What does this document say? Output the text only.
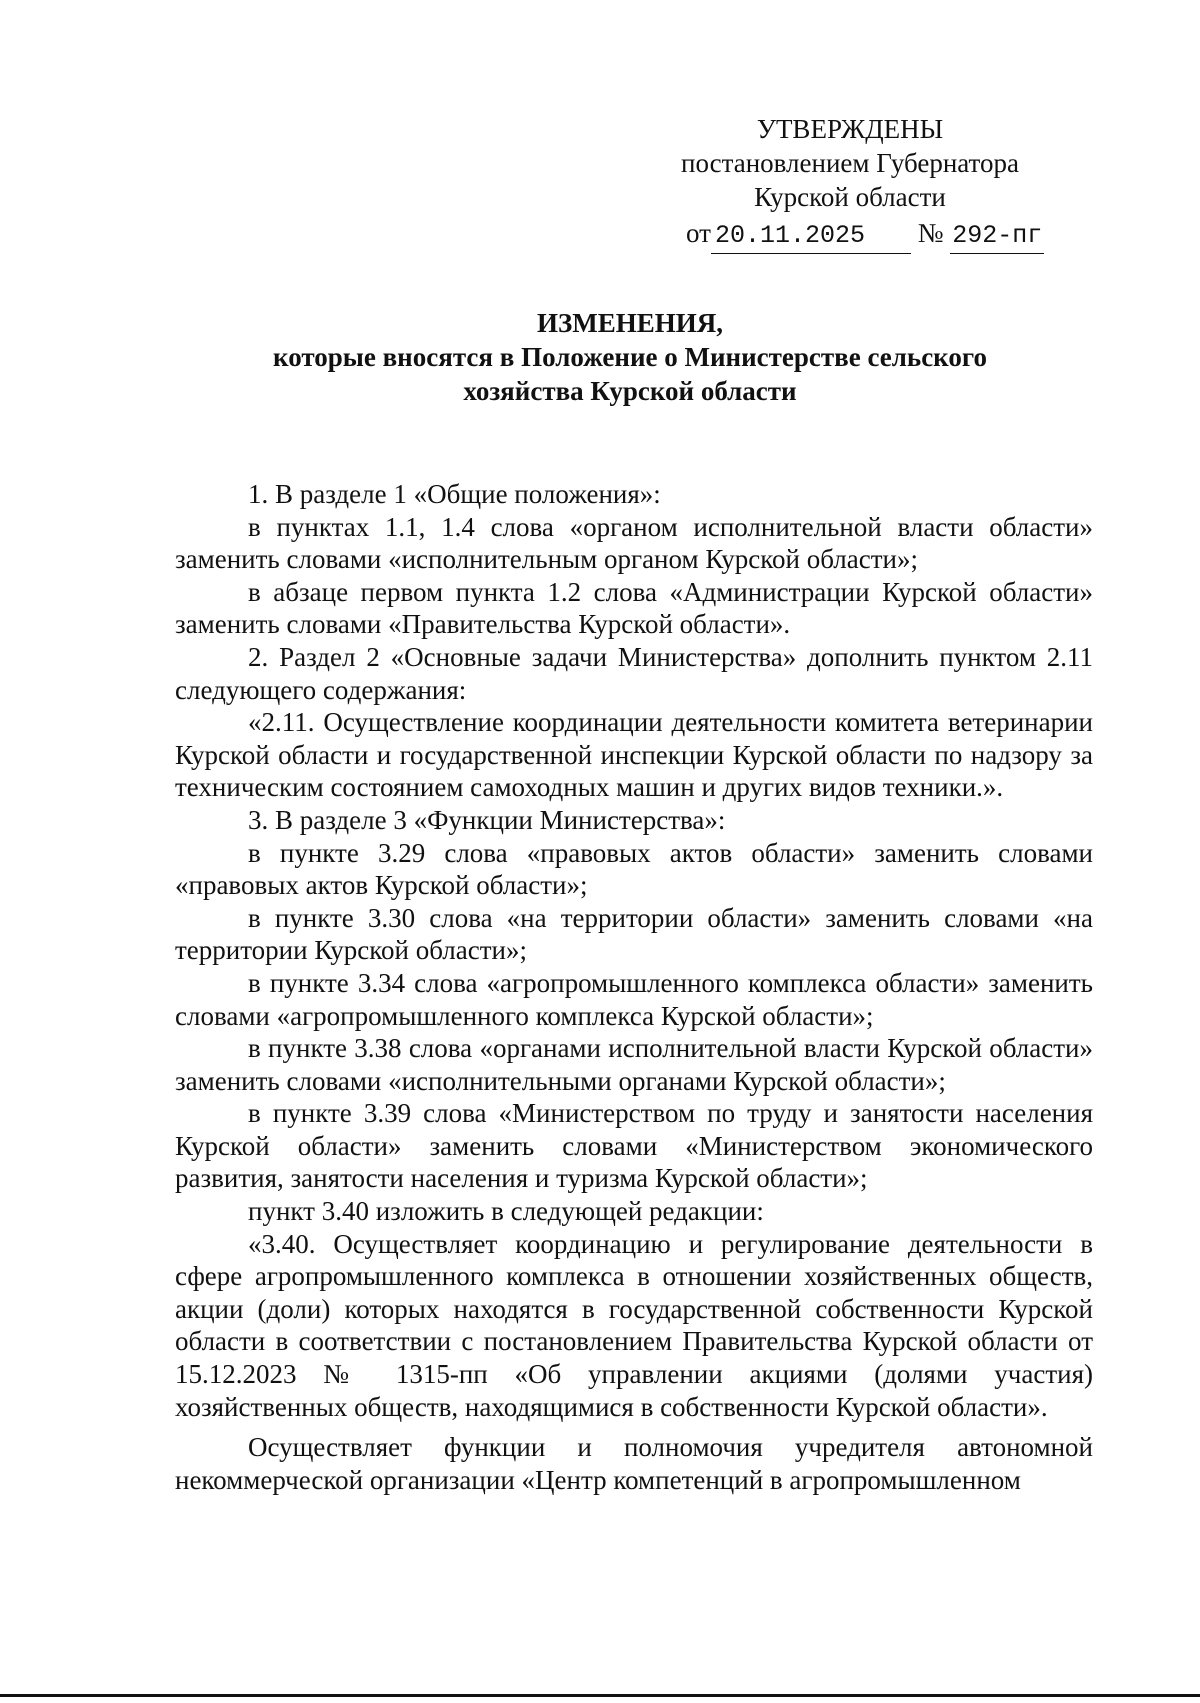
УТВЕРЖДЕНЫ
постановлением Губернатора
Курской области
от 20.11.2025 № 292-пг
ИЗМЕНЕНИЯ,
которые вносятся в Положение о Министерстве сельского
хозяйства Курской области

1. В разделе 1 «Общие положения»:

в пунктах 1.1, 1.4 слова «органом исполнительной власти области» заменить словами «исполнительным органом Курской области»;

в абзаце первом пункта 1.2 слова «Администрации Курской области» заменить словами «Правительства Курской области».

2. Раздел 2 «Основные задачи Министерства» дополнить пунктом 2.11 следующего содержания:

«2.11. Осуществление координации деятельности комитета ветеринарии Курской области и государственной инспекции Курской области по надзору за техническим состоянием самоходных машин и других видов техники.».

3. В разделе 3 «Функции Министерства»:

в пункте 3.29 слова «правовых актов области» заменить словами «правовых актов Курской области»;

в пункте 3.30 слова «на территории области» заменить словами «на территории Курской области»;

в пункте 3.34 слова «агропромышленного комплекса области» заменить словами «агропромышленного комплекса Курской области»;

в пункте 3.38 слова «органами исполнительной власти Курской области» заменить словами «исполнительными органами Курской области»;

в пункте 3.39 слова «Министерством по труду и занятости населения Курской области» заменить словами «Министерством экономического развития, занятости населения и туризма Курской области»;

пункт 3.40 изложить в следующей редакции:

«3.40. Осуществляет координацию и регулирование деятельности в сфере агропромышленного комплекса в отношении хозяйственных обществ, акции (доли) которых находятся в государственной собственности Курской области в соответствии с постановлением Правительства Курской области от 15.12.2023 № 1315-пп «Об управлении акциями (долями участия) хозяйственных обществ, находящимися в собственности Курской области».

Осуществляет функции и полномочия учредителя автономной некоммерческой организации «Центр компетенций в агропромышленном
